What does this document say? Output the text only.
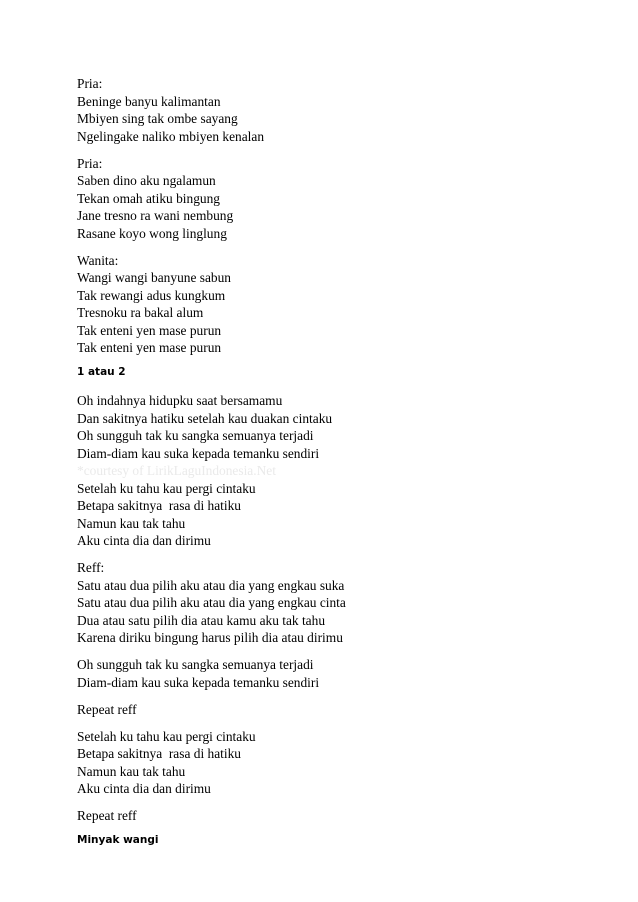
Pria:
Beninge banyu kalimantan
Mbiyen sing tak ombe sayang
Ngelingake naliko mbiyen kenalan
Pria:
Saben dino aku ngalamun
Tekan omah atiku bingung
Jane tresno ra wani nembung
Rasane koyo wong linglung
Wanita:
Wangi wangi banyune sabun
Tak rewangi adus kungkum
Tresnoku ra bakal alum
Tak enteni yen mase purun
Tak enteni yen mase purun
1 atau 2
Oh indahnya hidupku saat bersamamu
Dan sakitnya hatiku setelah kau duakan cintaku
Oh sungguh tak ku sangka semuanya terjadi
Diam-diam kau suka kepada temanku sendiri
*courtesy of LirikLaguIndonesia.Net
Setelah ku tahu kau pergi cintaku
Betapa sakitnya  rasa di hatiku
Namun kau tak tahu
Aku cinta dia dan dirimu
Reff:
Satu atau dua pilih aku atau dia yang engkau suka
Satu atau dua pilih aku atau dia yang engkau cinta
Dua atau satu pilih dia atau kamu aku tak tahu
Karena diriku bingung harus pilih dia atau dirimu
Oh sungguh tak ku sangka semuanya terjadi
Diam-diam kau suka kepada temanku sendiri
Repeat reff
Setelah ku tahu kau pergi cintaku
Betapa sakitnya  rasa di hatiku
Namun kau tak tahu
Aku cinta dia dan dirimu
Repeat reff
Minyak wangi
